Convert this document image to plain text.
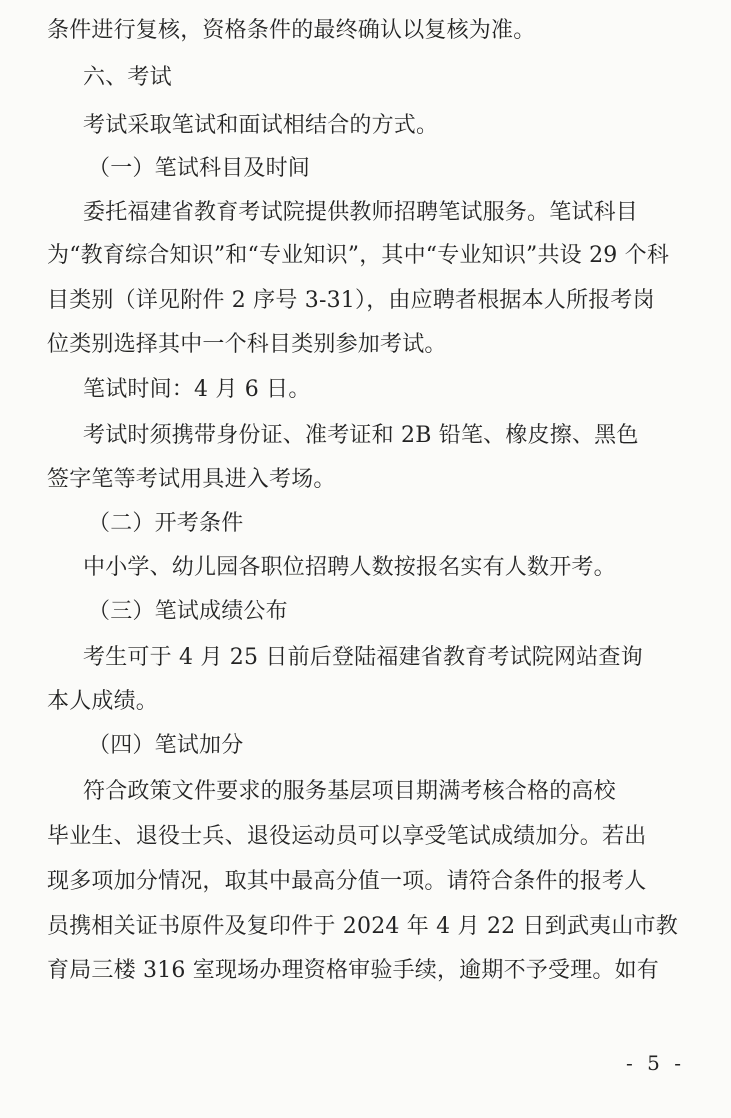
条件进行复核，资格条件的最终确认以复核为准。
六、考试
考试采取笔试和面试相结合的方式。
（一）笔试科目及时间
委托福建省教育考试院提供教师招聘笔试服务。笔试科目
为“教育综合知识”和“专业知识”，其中“专业知识”共设 29 个科
目类别（详见附件 2 序号 3-31），由应聘者根据本人所报考岗
位类别选择其中一个科目类别参加考试。
笔试时间：4 月 6 日。
考试时须携带身份证、准考证和 2B 铅笔、橡皮擦、黑色
签字笔等考试用具进入考场。
（二）开考条件
中小学、幼儿园各职位招聘人数按报名实有人数开考。
（三）笔试成绩公布
考生可于 4 月 25 日前后登陆福建省教育考试院网站查询
本人成绩。
（四）笔试加分
符合政策文件要求的服务基层项目期满考核合格的高校
毕业生、退役士兵、退役运动员可以享受笔试成绩加分。若出
现多项加分情况，取其中最高分值一项。请符合条件的报考人
员携相关证书原件及复印件于 2024 年 4 月 22 日到武夷山市教
育局三楼 316 室现场办理资格审验手续，逾期不予受理。如有
- 5 -
